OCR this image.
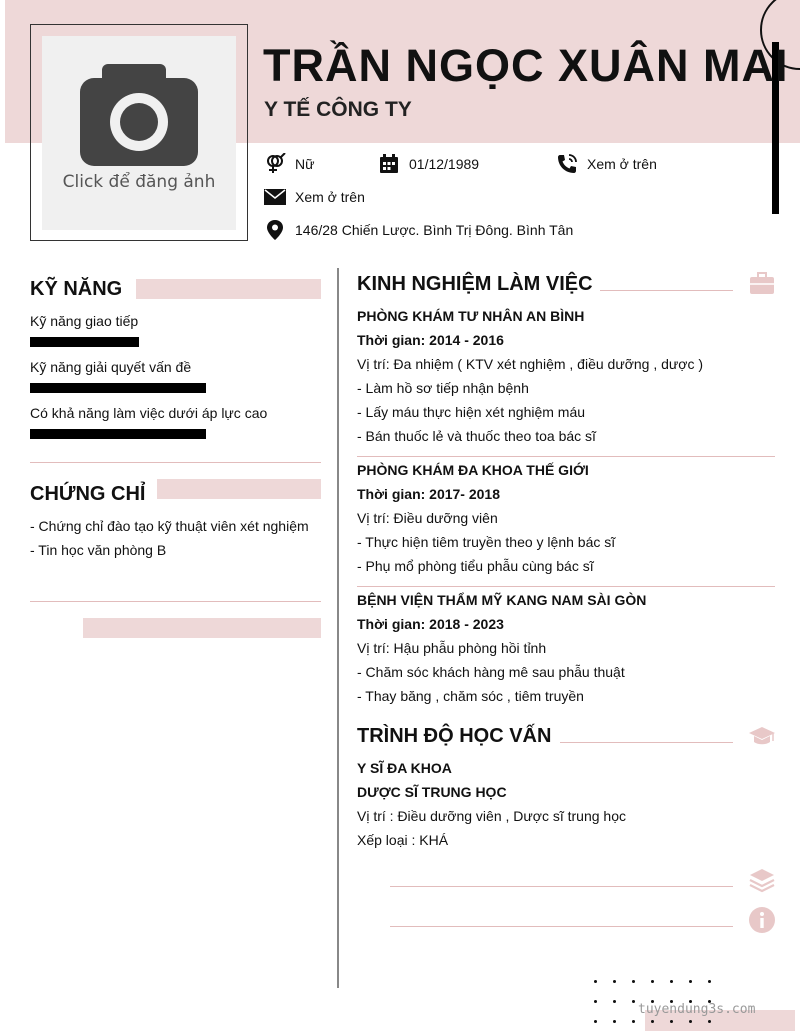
Click để đăng ảnh
TRẦN NGỌC XUÂN MAI
Y TẾ CÔNG TY
Nữ	01/12/1989	Xem ở trên
Xem ở trên
146/28 Chiến Lược. Bình Trị Đông. Bình Tân
KỸ NĂNG
Kỹ năng giao tiếp
Kỹ năng giải quyết vấn đề
Có khả năng làm việc dưới áp lực cao
CHỨNG CHỈ
- Chứng chỉ đào tạo kỹ thuật viên xét nghiệm
- Tin học văn phòng B
KINH NGHIỆM LÀM VIỆC
PHÒNG KHÁM TƯ NHÂN AN BÌNH
Thời gian: 2014 - 2016
Vị trí: Đa nhiệm ( KTV xét nghiệm , điều dưỡng , dược )
- Làm hồ sơ tiếp nhận bệnh
- Lấy máu thực hiện xét nghiệm máu
- Bán thuốc lẻ và thuốc theo toa bác sĩ
PHÒNG KHÁM ĐA KHOA THẾ GIỚI
Thời gian: 2017- 2018
Vị trí: Điều dưỡng viên
- Thực hiện tiêm truyền theo y lệnh bác sĩ
- Phụ mổ phòng tiểu phẫu cùng bác sĩ
BỆNH VIỆN THẨM MỸ KANG NAM SÀI GÒN
Thời gian: 2018 - 2023
Vị trí: Hậu phẫu phòng hồi tỉnh
- Chăm sóc khách hàng mê sau phẫu thuật
- Thay băng , chăm sóc , tiêm truyền
TRÌNH ĐỘ HỌC VẤN
Y SĨ ĐA KHOA
DƯỢC SĨ TRUNG HỌC
Vị trí : Điều dưỡng viên , Dược sĩ trung học
Xếp loại : KHÁ
tuyendung3s.com
